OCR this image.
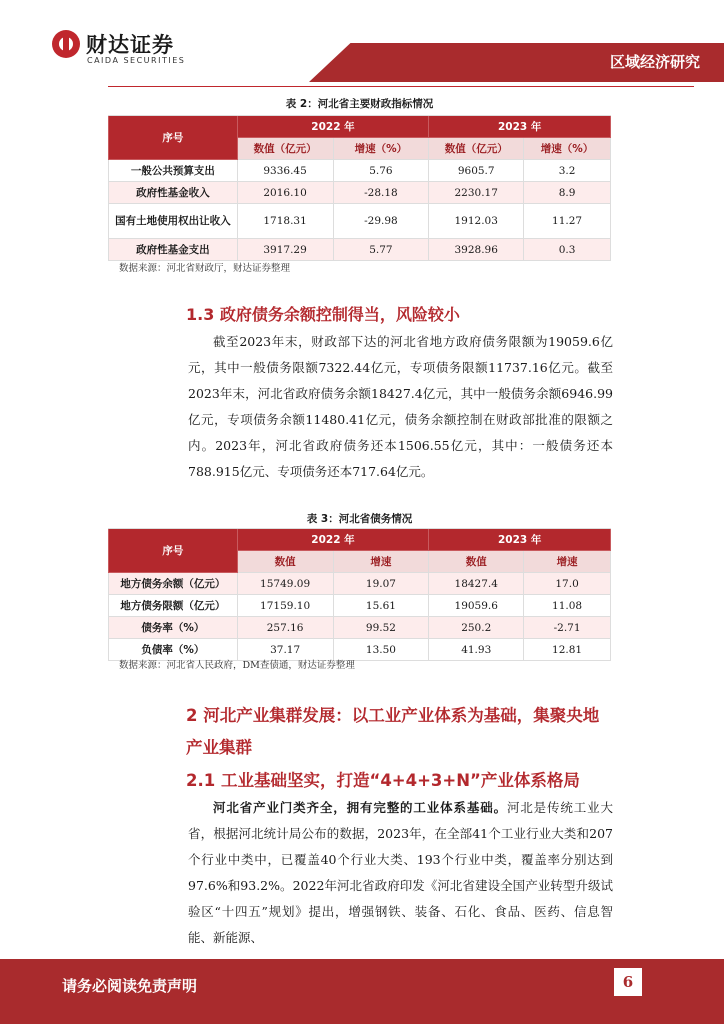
财达证券
CAIDA SECURITIES	区域经济研究
表 2：河北省主要财政指标情况				
序号	2022 年		2023 年	
	数值（亿元）	增速（%）	数值（亿元）	增速（%）
一般公共预算支出	9336.45	5.76	9605.7	3.2
政府性基金收入	2016.10	-28.18	2230.17	8.9
国有土地使用权出让收入	1718.31	-29.98	1912.03	11.27
政府性基金支出	3917.29	5.77	3928.96	0.3
数据来源：河北省财政厅，财达证券整理
1.3 政府债务余额控制得当，风险较小
截至2023年末，财政部下达的河北省地方政府债务限额为19059.6亿元，其中一般债务限额7322.44亿元，专项债务限额11737.16亿元。截至2023年末，河北省政府债务余额18427.4亿元，其中一般债务余额6946.99亿元，专项债务余额11480.41亿元，债务余额控制在财政部批准的限额之内。2023年，河北省政府债务还本1506.55亿元，其中：一般债务还本788.915亿元、专项债务还本717.64亿元。
表 3：河北省债务情况				
序号	2022 年		2023 年	
	数值	增速	数值	增速
地方债务余额（亿元）	15749.09	19.07	18427.4	17.0
地方债务限额（亿元）	17159.10	15.61	19059.6	11.08
债务率（%）	257.16	99.52	250.2	-2.71
负债率（%）	37.17	13.50	41.93	12.81
数据来源：河北省人民政府，DM查债通，财达证券整理
2 河北产业集群发展：以工业产业体系为基础，集聚央地
产业集群
2.1 工业基础坚实，打造“4+4+3+N”产业体系格局
河北省产业门类齐全，拥有完整的工业体系基础。河北是传统工业大省，根据河北统计局公布的数据，2023年，在全部41个工业行业大类和207个行业中类中，已覆盖40个行业大类、193个行业中类，覆盖率分别达到97.6%和93.2%。2022年河北省政府印发《河北省建设全国产业转型升级试验区“十四五”规划》提出，增强钢铁、装备、石化、食品、医药、信息智能、新能源、
请务必阅读免责声明	6
